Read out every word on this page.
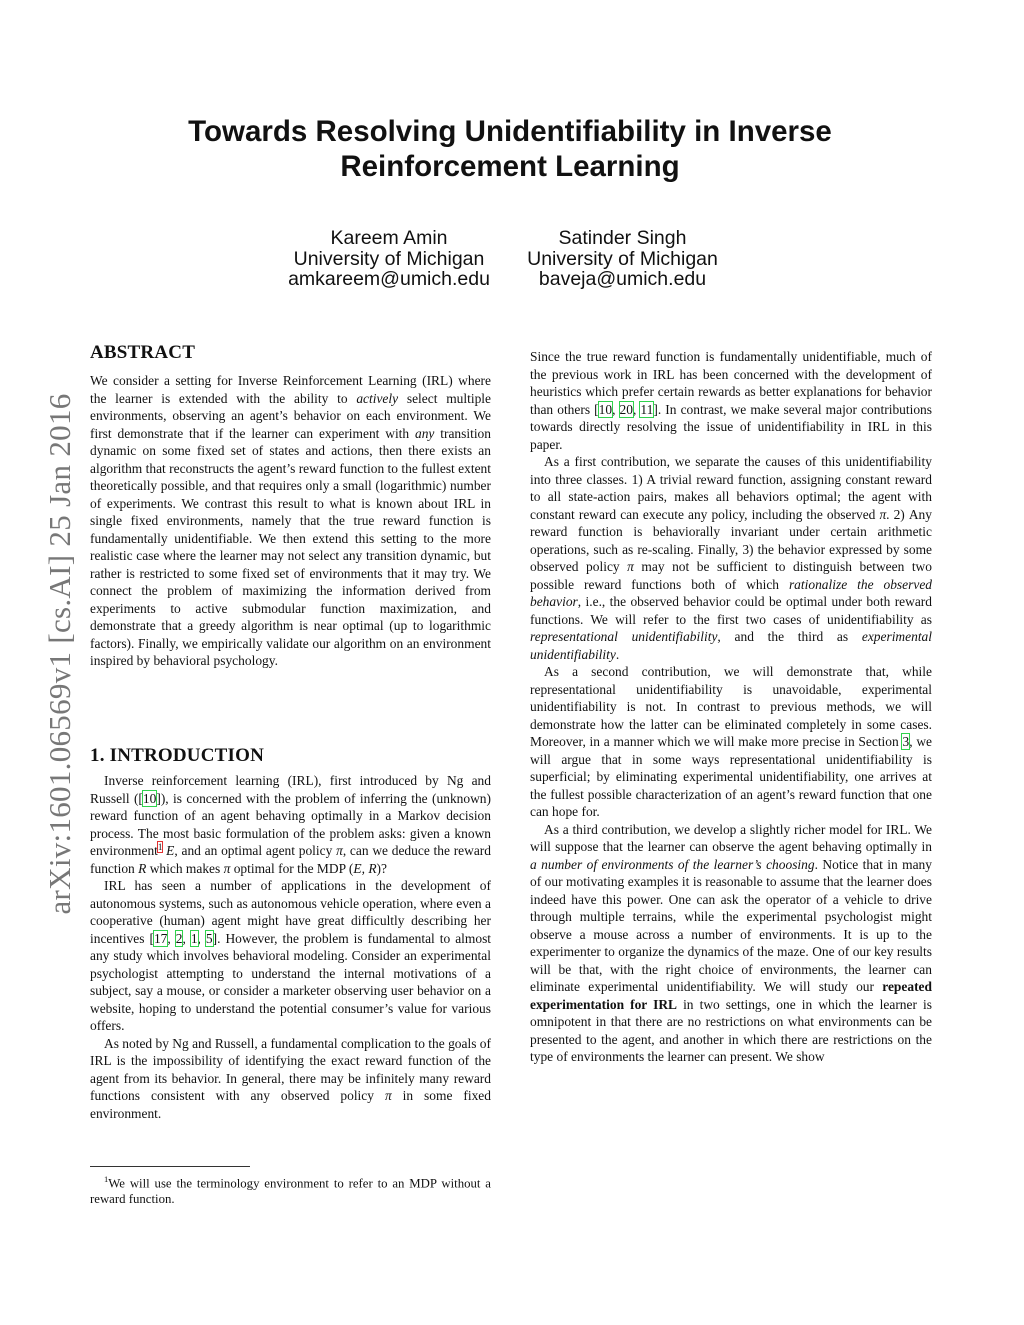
arXiv:1601.06569v1 [cs.AI] 25 Jan 2016
Towards Resolving Unidentifiability in Inverse
Reinforcement Learning
Kareem Amin
University of Michigan
amkareem@umich.edu
Satinder Singh
University of Michigan
baveja@umich.edu
ABSTRACT

We consider a setting for Inverse Reinforcement Learning (IRL) where the learner is extended with the ability to actively select multiple environments, observing an agent’s behavior on each environment. We first demonstrate that if the learner can experiment with any transition dynamic on some fixed set of states and actions, then there exists an algorithm that reconstructs the agent’s reward function to the fullest extent theoretically possible, and that requires only a small (logarithmic) number of experiments. We contrast this result to what is known about IRL in single fixed environments, namely that the true reward function is fundamentally unidentifiable. We then extend this setting to the more realistic case where the learner may not select any transition dynamic, but rather is restricted to some fixed set of environments that it may try. We connect the problem of maximizing the information derived from experiments to active submodular function maximization, and demonstrate that a greedy algorithm is near optimal (up to logarithmic factors). Finally, we empirically validate our algorithm on an environment inspired by behavioral psychology.

1. INTRODUCTION

Inverse reinforcement learning (IRL), first introduced by Ng and Russell ([10]), is concerned with the problem of inferring the (unknown) reward function of an agent behaving optimally in a Markov decision process. The most basic formulation of the problem asks: given a known environment$^1$ E, and an optimal agent policy π, can we deduce the reward function R which makes π optimal for the MDP (E, R)?

IRL has seen a number of applications in the development of autonomous systems, such as autonomous vehicle operation, where even a cooperative (human) agent might have great difficultly describing her incentives [17, 2, 1, 5]. However, the problem is fundamental to almost any study which involves behavioral modeling. Consider an experimental psychologist attempting to understand the internal motivations of a subject, say a mouse, or consider a marketer observing user behavior on a website, hoping to understand the potential consumer’s value for various offers.

As noted by Ng and Russell, a fundamental complication to the goals of IRL is the impossibility of identifying the exact reward function of the agent from its behavior. In general, there may be infinitely many reward functions consistent with any observed policy π in some fixed environment.

$^1$We will use the terminology environment to refer to an MDP without a reward function.

Since the true reward function is fundamentally unidentifiable, much of the previous work in IRL has been concerned with the development of heuristics which prefer certain rewards as better explanations for behavior than others [10, 20, 11]. In contrast, we make several major contributions towards directly resolving the issue of unidentifiability in IRL in this paper.

As a first contribution, we separate the causes of this unidentifiability into three classes. 1) A trivial reward function, assigning constant reward to all state-action pairs, makes all behaviors optimal; the agent with constant reward can execute any policy, including the observed π. 2) Any reward function is behaviorally invariant under certain arithmetic operations, such as re-scaling. Finally, 3) the behavior expressed by some observed policy π may not be sufficient to distinguish between two possible reward functions both of which rationalize the observed behavior, i.e., the observed behavior could be optimal under both reward functions. We will refer to the first two cases of unidentifiability as representational unidentifiability, and the third as experimental unidentifiability.

As a second contribution, we will demonstrate that, while representational unidentifiability is unavoidable, experimental unidentifiability is not. In contrast to previous methods, we will demonstrate how the latter can be eliminated completely in some cases. Moreover, in a manner which we will make more precise in Section 3, we will argue that in some ways representational unidentifiability is superficial; by eliminating experimental unidentifiability, one arrives at the fullest possible characterization of an agent’s reward function that one can hope for.

As a third contribution, we develop a slightly richer model for IRL. We will suppose that the learner can observe the agent behaving optimally in a number of environments of the learner’s choosing. Notice that in many of our motivating examples it is reasonable to assume that the learner does indeed have this power. One can ask the operator of a vehicle to drive through multiple terrains, while the experimental psychologist might observe a mouse across a number of environments. It is up to the experimenter to organize the dynamics of the maze. One of our key results will be that, with the right choice of environments, the learner can eliminate experimental unidentifiability. We will study our repeated experimentation for IRL in two settings, one in which the learner is omnipotent in that there are no restrictions on what environments can be presented to the agent, and another in which there are restrictions on the type of environments the learner can present. We show
